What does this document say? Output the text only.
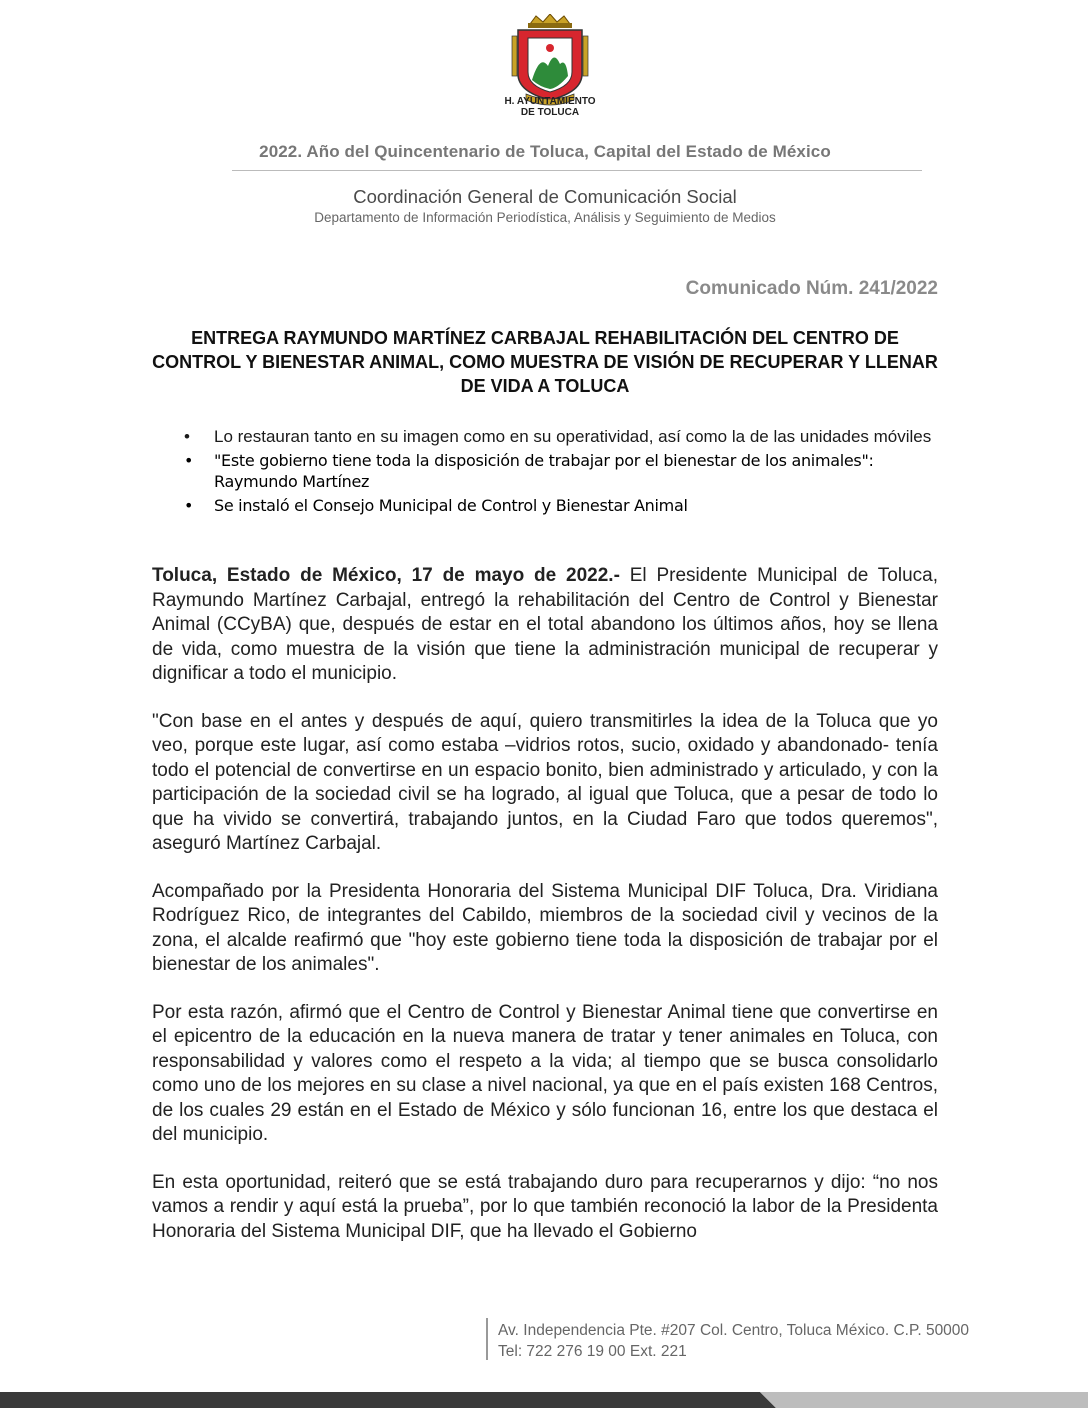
H. AYUNTAMIENTO
DE TOLUCA
2022. Año del Quincentenario de Toluca, Capital del Estado de México
Coordinación General de Comunicación Social
Departamento de Información Periodística, Análisis y Seguimiento de Medios
Comunicado Núm. 241/2022
ENTREGA RAYMUNDO MARTÍNEZ CARBAJAL REHABILITACIÓN DEL CENTRO DE CONTROL Y BIENESTAR ANIMAL, COMO MUESTRA DE VISIÓN DE RECUPERAR Y LLENAR DE VIDA A TOLUCA
• Lo restauran tanto en su imagen como en su operatividad, así como la de las unidades móviles
• "Este gobierno tiene toda la disposición de trabajar por el bienestar de los animales": Raymundo Martínez
• Se instaló el Consejo Municipal de Control y Bienestar Animal

Toluca, Estado de México, 17 de mayo de 2022.- El Presidente Municipal de Toluca, Raymundo Martínez Carbajal, entregó la rehabilitación del Centro de Control y Bienestar Animal (CCyBA) que, después de estar en el total abandono los últimos años, hoy se llena de vida, como muestra de la visión que tiene la administración municipal de recuperar y dignificar a todo el municipio.

"Con base en el antes y después de aquí, quiero transmitirles la idea de la Toluca que yo veo, porque este lugar, así como estaba –vidrios rotos, sucio, oxidado y abandonado- tenía todo el potencial de convertirse en un espacio bonito, bien administrado y articulado, y con la participación de la sociedad civil se ha logrado, al igual que Toluca, que a pesar de todo lo que ha vivido se convertirá, trabajando juntos, en la Ciudad Faro que todos queremos", aseguró Martínez Carbajal.

Acompañado por la Presidenta Honoraria del Sistema Municipal DIF Toluca, Dra. Viridiana Rodríguez Rico, de integrantes del Cabildo, miembros de la sociedad civil y vecinos de la zona, el alcalde reafirmó que "hoy este gobierno tiene toda la disposición de trabajar por el bienestar de los animales".

Por esta razón, afirmó que el Centro de Control y Bienestar Animal tiene que convertirse en el epicentro de la educación en la nueva manera de tratar y tener animales en Toluca, con responsabilidad y valores como el respeto a la vida; al tiempo que se busca consolidarlo como uno de los mejores en su clase a nivel nacional, ya que en el país existen 168 Centros, de los cuales 29 están en el Estado de México y sólo funcionan 16, entre los que destaca el del municipio.

En esta oportunidad, reiteró que se está trabajando duro para recuperarnos y dijo: “no nos vamos a rendir y aquí está la prueba”, por lo que también reconoció la labor de la Presidenta Honoraria del Sistema Municipal DIF, que ha llevado el Gobierno

Av. Independencia Pte. #207 Col. Centro, Toluca México. C.P. 50000
Tel: 722 276 19 00 Ext. 221
